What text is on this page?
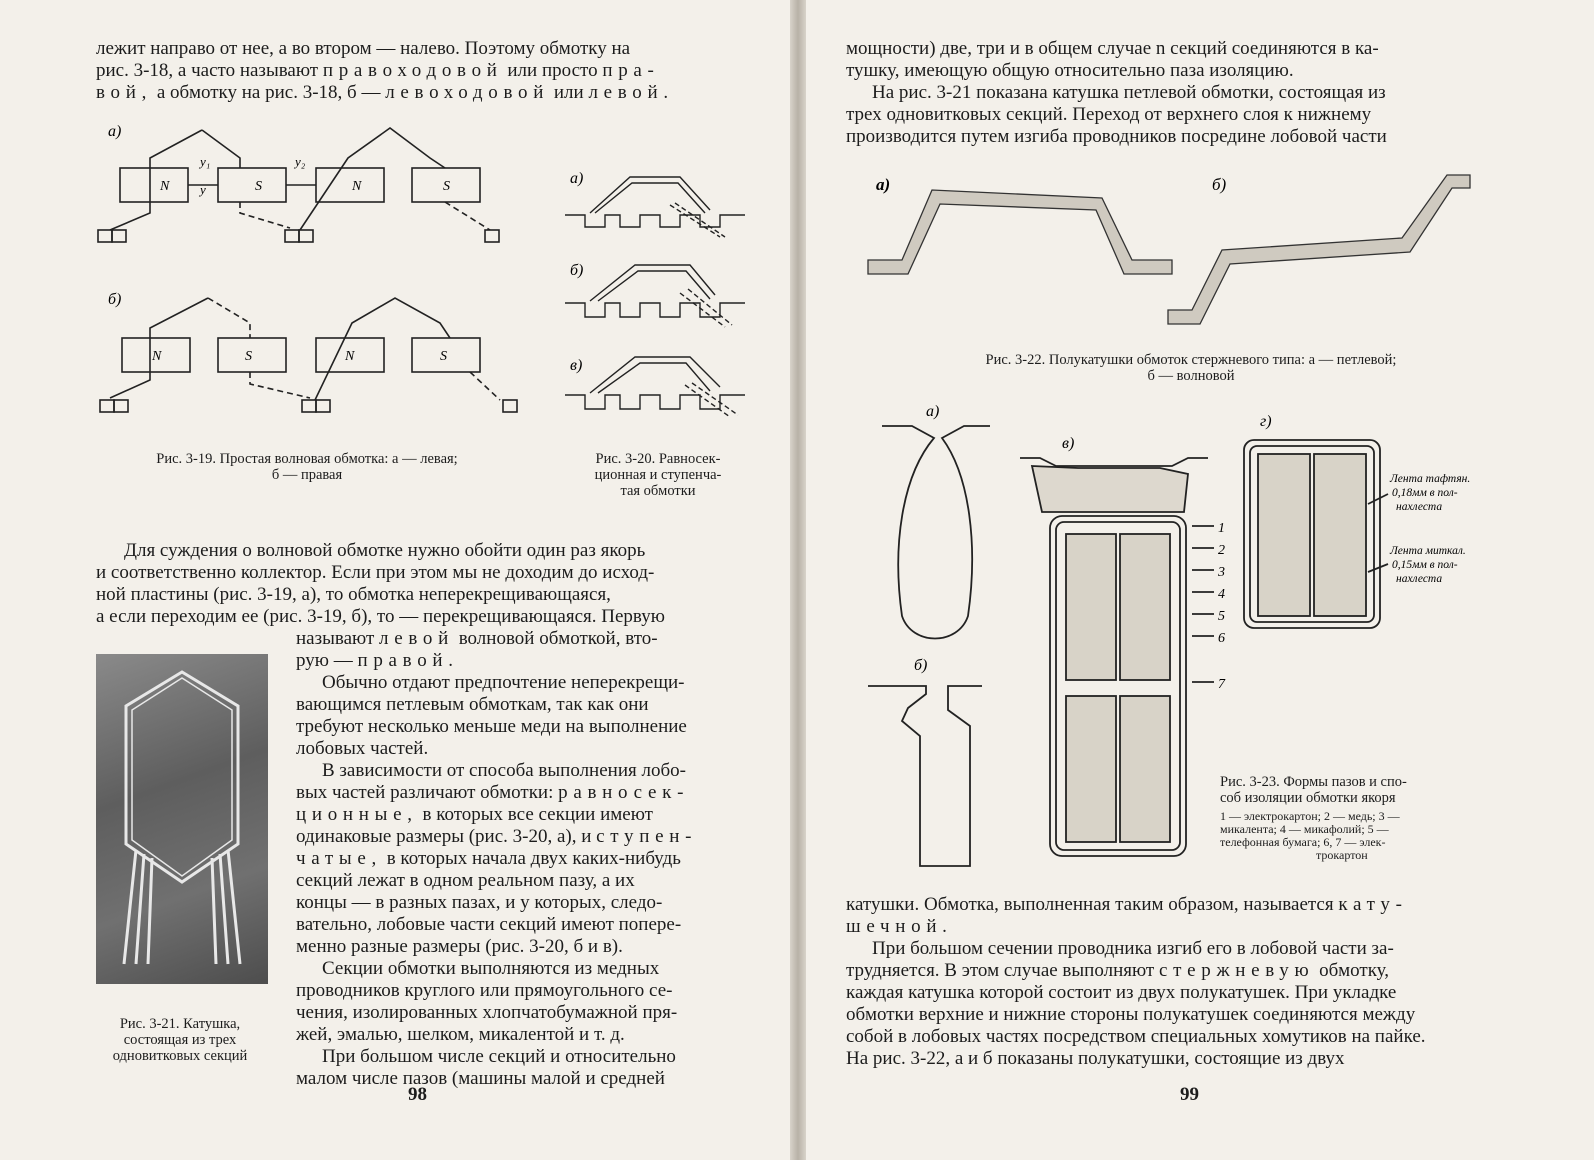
лежит направо от нее, а во втором — налево. Поэтому обмотку на
рис. 3-18, а часто называют правоходовой или просто пра-
вой, а обмотку на рис. 3-18, б — левоходовой или левой.
а)
N	S	N	S
y₁	y₂
y
б)
N	S	N	S
а)
б)
в)
Рис. 3-19. Простая волновая обмотка: а — левая;
б — правая
Рис. 3-20. Равносек-
ционная и ступенча-
тая обмотки
Для суждения о волновой обмотке нужно обойти один раз якорь
и соответственно коллектор. Если при этом мы не доходим до исход-
ной пластины (рис. 3-19, а), то обмотка неперекрещивающаяся,
а если переходим ее (рис. 3-19, б), то — перекрещивающаяся. Первую
называют левой волновой обмоткой, вто-
рую — правой.
Обычно отдают предпочтение неперекрещи-
вающимся петлевым обмоткам, так как они
требуют несколько меньше меди на выполнение
лобовых частей.
В зависимости от способа выполнения лобо-
вых частей различают обмотки: равносек-
ционные, в которых все секции имеют
одинаковые размеры (рис. 3-20, а), и ступен-
чатые, в которых начала двух каких-нибудь
секций лежат в одном реальном пазу, а их
концы — в разных пазах, и у которых, следо-
вательно, лобовые части секций имеют попере-
менно разные размеры (рис. 3-20, б и в).
Секции обмотки выполняются из медных
проводников круглого или прямоугольного се-
чения, изолированных хлопчатобумажной пря-
жей, эмалью, шелком, микалентой и т. д.
При большом числе секций и относительно
малом числе пазов (машины малой и средней
Рис. 3-21. Катушка,
состоящая из трех
одновитковых секций
98
мощности) две, три и в общем случае n секций соединяются в ка-
тушку, имеющую общую относительно паза изоляцию.
На рис. 3-21 показана катушка петлевой обмотки, состоящая из
трех одновитковых секций. Переход от верхнего слоя к нижнему
производится путем изгиба проводников посредине лобовой части
а)	б)
Рис. 3-22. Полукатушки обмоток стержневого типа: а — петлевой;
б — волновой
а)
в)
г)
б)
1
2
3
4
5
6
7
Лента тафтян.
0,18мм в пол-
нахлеста
Лента миткал.
0,15мм в пол-
нахлеста
Рис. 3-23. Формы пазов и спо-
соб изоляции обмотки якоря
1 — электрокартон; 2 — медь; 3 —
микалента; 4 — микафолий; 5 —
телефонная бумага; 6, 7 — элек-
трокартон
катушки. Обмотка, выполненная таким образом, называется кату-
шечной.
При большом сечении проводника изгиб его в лобовой части за-
трудняется. В этом случае выполняют стержневую обмотку,
каждая катушка которой состоит из двух полукатушек. При укладке
обмотки верхние и нижние стороны полукатушек соединяются между
собой в лобовых частях посредством специальных хомутиков на пайке.
На рис. 3-22, а и б показаны полукатушки, состоящие из двух
99
